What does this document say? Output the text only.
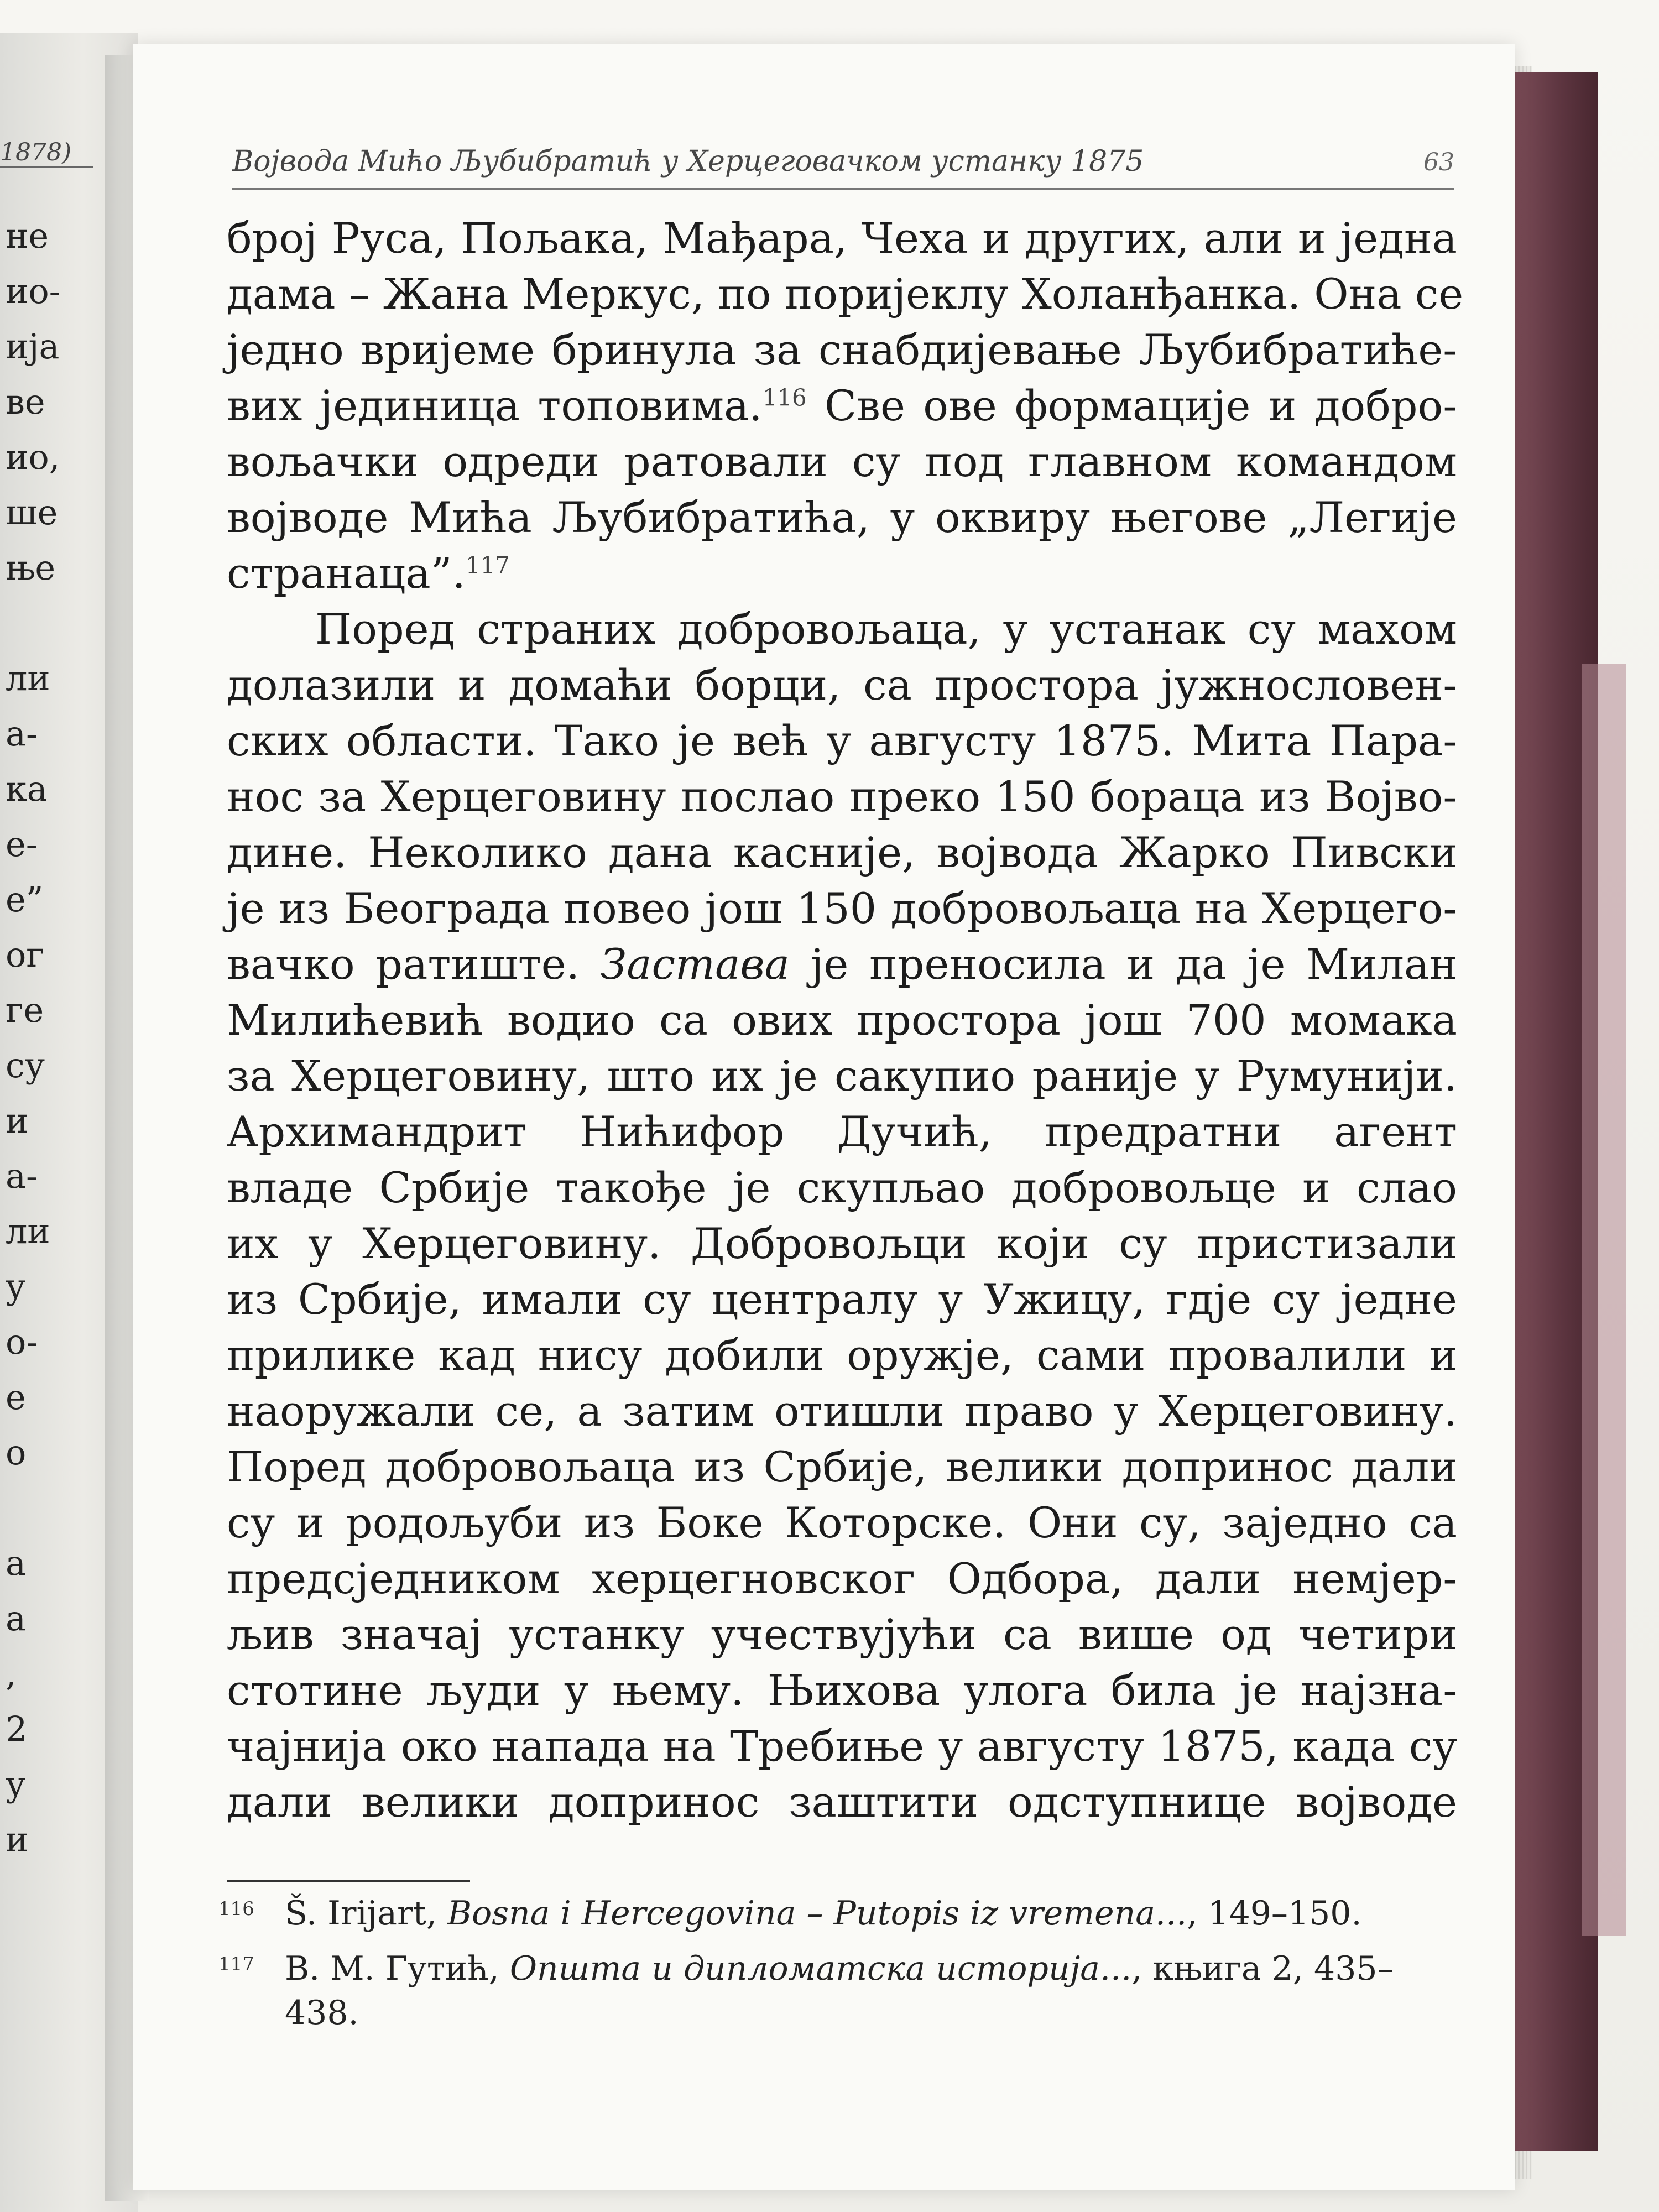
1878)
не
ио-
ија
ве
ио,
ше
ње
ли
а-
ка
е-
е”
ог
ге
су
и
а-
ли
у
о-
е
о
а
а
,
2
у
и
Војвода Мићо Љубибратић у Херцеговачком устанку 1875	63
број Руса, Пољака, Мађара, Чеха и других, али и једна
дама – Жана Меркус, по поријеклу Холанђанка. Она се
једно вријеме бринула за снабдијевање Љубибратиће-
вих јединица топовима.$^{116}$ Све ове формације и добро-
вољачки одреди ратовали су под главном командом
војводе Мића Љубибратића, у оквиру његове „Легије
странаца”.$^{117}$
Поред страних добровољаца, у устанак су махом
долазили и домаћи борци, са простора јужнословен-
ских области. Тако је већ у августу 1875. Мита Пара-
нос за Херцеговину послао преко 150 бораца из Војво-
дине. Неколико дана касније, војвода Жарко Пивски
је из Београда повео још 150 добровољаца на Херцего-
вачко ратиште. Застава је преносила и да је Милан
Милићевић водио са ових простора још 700 момака
за Херцеговину, што их је сакупио раније у Румунији.
Архимандрит Нићифор Дучић, предратни агент
владе Србије такође је скупљао добровољце и слао
их у Херцеговину. Добровољци који су пристизали
из Србије, имали су централу у Ужицу, гдје су једне
прилике кад нису добили оружје, сами провалили и
наоружали се, а затим отишли право у Херцеговину.
Поред добровољаца из Србије, велики допринос дали
су и родољуби из Боке Которске. Они су, заједно са
предсједником херцегновског Одбора, дали немјер-
љив значај устанку учествујући са више од четири
стотине људи у њему. Њихова улога била је најзна-
чајнија око напада на Требиње у августу 1875, када су
дали велики допринос заштити одступнице војводе
116 Š. Irijart, Bosna i Hercegovina – Putopis iz vremena..., 149–150.
117 В. М. Гутић, Општа и дипломатска историја..., књига 2, 435–438.
